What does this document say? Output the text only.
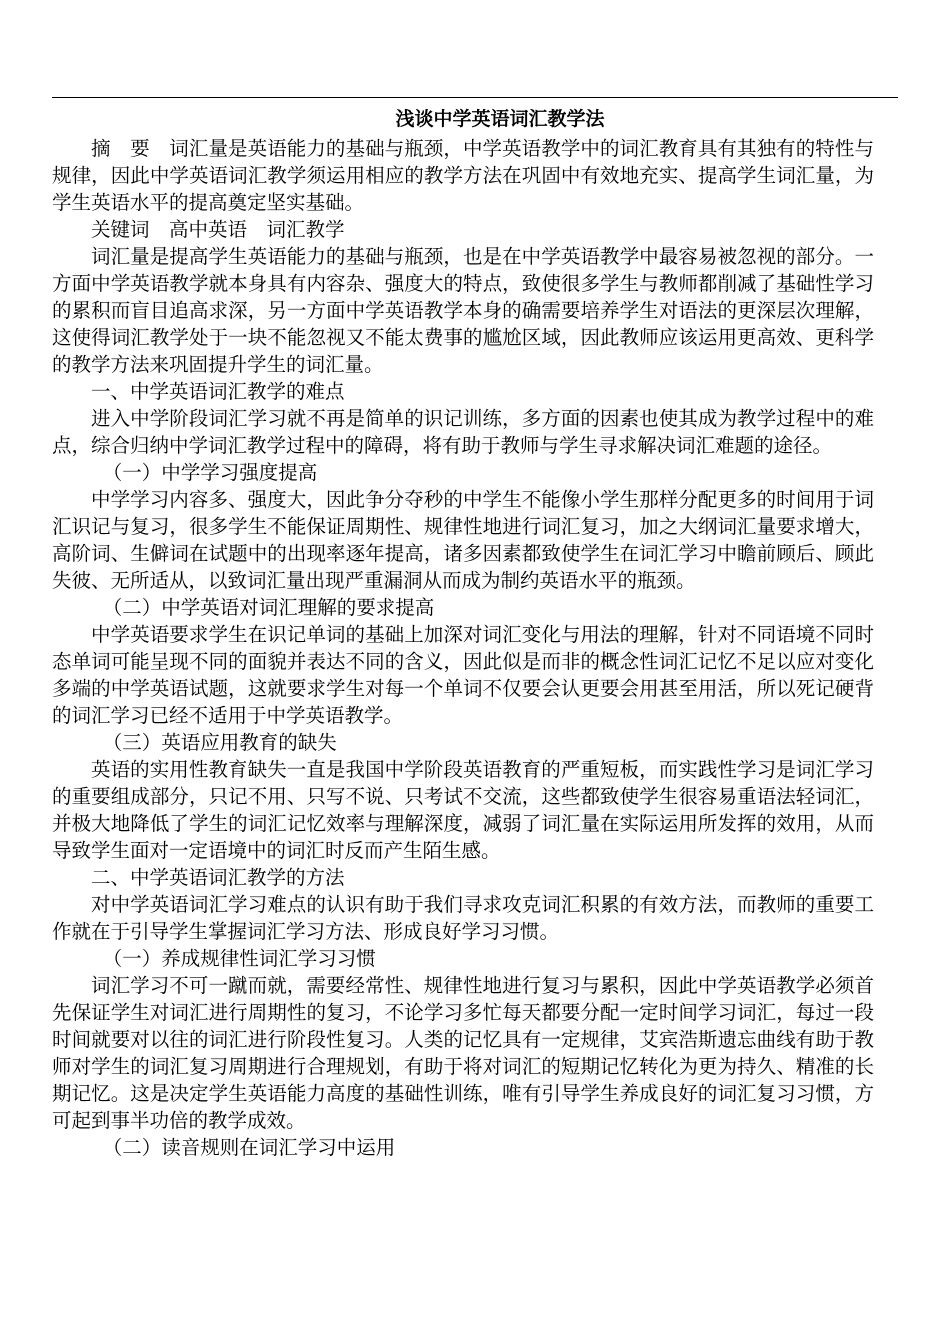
浅谈中学英语词汇教学法

摘 要 词汇量是英语能力的基础与瓶颈，中学英语教学中的词汇教育具有其独有的特性与规律，因此中学英语词汇教学须运用相应的教学方法在巩固中有效地充实、提高学生词汇量，为学生英语水平的提高奠定坚实基础。

关键词 高中英语 词汇教学

词汇量是提高学生英语能力的基础与瓶颈，也是在中学英语教学中最容易被忽视的部分。一方面中学英语教学就本身具有内容杂、强度大的特点，致使很多学生与教师都削减了基础性学习的累积而盲目追高求深，另一方面中学英语教学本身的确需要培养学生对语法的更深层次理解，这使得词汇教学处于一块不能忽视又不能太费事的尴尬区域，因此教师应该运用更高效、更科学的教学方法来巩固提升学生的词汇量。

一、中学英语词汇教学的难点

进入中学阶段词汇学习就不再是简单的识记训练，多方面的因素也使其成为教学过程中的难点，综合归纳中学词汇教学过程中的障碍，将有助于教师与学生寻求解决词汇难题的途径。

（一）中学学习强度提高

中学学习内容多、强度大，因此争分夺秒的中学生不能像小学生那样分配更多的时间用于词汇识记与复习，很多学生不能保证周期性、规律性地进行词汇复习，加之大纲词汇量要求增大，高阶词、生僻词在试题中的出现率逐年提高，诸多因素都致使学生在词汇学习中瞻前顾后、顾此失彼、无所适从，以致词汇量出现严重漏洞从而成为制约英语水平的瓶颈。

（二）中学英语对词汇理解的要求提高

中学英语要求学生在识记单词的基础上加深对词汇变化与用法的理解，针对不同语境不同时态单词可能呈现不同的面貌并表达不同的含义，因此似是而非的概念性词汇记忆不足以应对变化多端的中学英语试题，这就要求学生对每一个单词不仅要会认更要会用甚至用活，所以死记硬背的词汇学习已经不适用于中学英语教学。

（三）英语应用教育的缺失

英语的实用性教育缺失一直是我国中学阶段英语教育的严重短板，而实践性学习是词汇学习的重要组成部分，只记不用、只写不说、只考试不交流，这些都致使学生很容易重语法轻词汇，并极大地降低了学生的词汇记忆效率与理解深度，减弱了词汇量在实际运用所发挥的效用，从而导致学生面对一定语境中的词汇时反而产生陌生感。

二、中学英语词汇教学的方法

对中学英语词汇学习难点的认识有助于我们寻求攻克词汇积累的有效方法，而教师的重要工作就在于引导学生掌握词汇学习方法、形成良好学习习惯。

（一）养成规律性词汇学习习惯

词汇学习不可一蹴而就，需要经常性、规律性地进行复习与累积，因此中学英语教学必须首先保证学生对词汇进行周期性的复习，不论学习多忙每天都要分配一定时间学习词汇，每过一段时间就要对以往的词汇进行阶段性复习。人类的记忆具有一定规律，艾宾浩斯遗忘曲线有助于教师对学生的词汇复习周期进行合理规划，有助于将对词汇的短期记忆转化为更为持久、精准的长期记忆。这是决定学生英语能力高度的基础性训练，唯有引导学生养成良好的词汇复习习惯，方可起到事半功倍的教学成效。

（二）读音规则在词汇学习中运用
